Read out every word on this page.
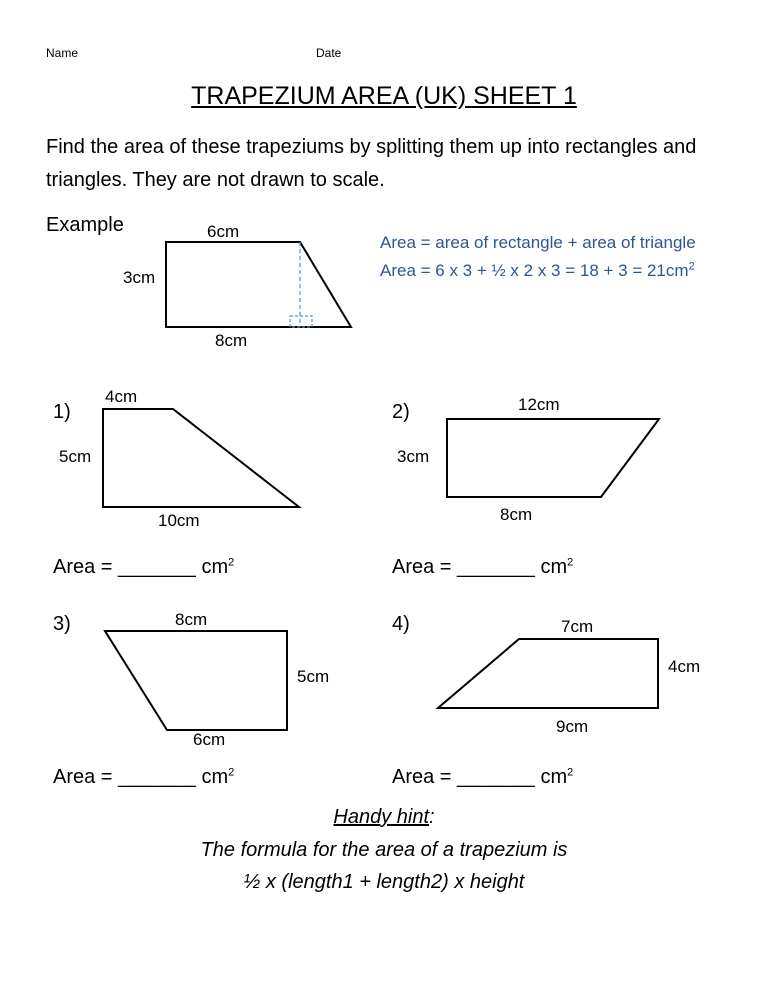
Name	Date
TRAPEZIUM AREA (UK) SHEET 1
Find the area of these trapeziums by splitting them up into rectangles and triangles. They are not drawn to scale.
Example	6cm
3cm
8cm
Area = area of rectangle + area of triangle
Area = 6 x 3 + ½ x 2 x $3 = 18 + 3 = 21cm^2$
1)
4cm
5cm
10cm
Area = _______ $cm^2$
2)	12cm
3cm
8cm
Area = _______ $cm^2$
3)	8cm
5cm
6cm
Area = _______ $cm^2$
4)	7cm
4cm
9cm
Area = _______ $cm^2$
Handy hint:
The formula for the area of a trapezium is
½ x (length1 + length2) x height
